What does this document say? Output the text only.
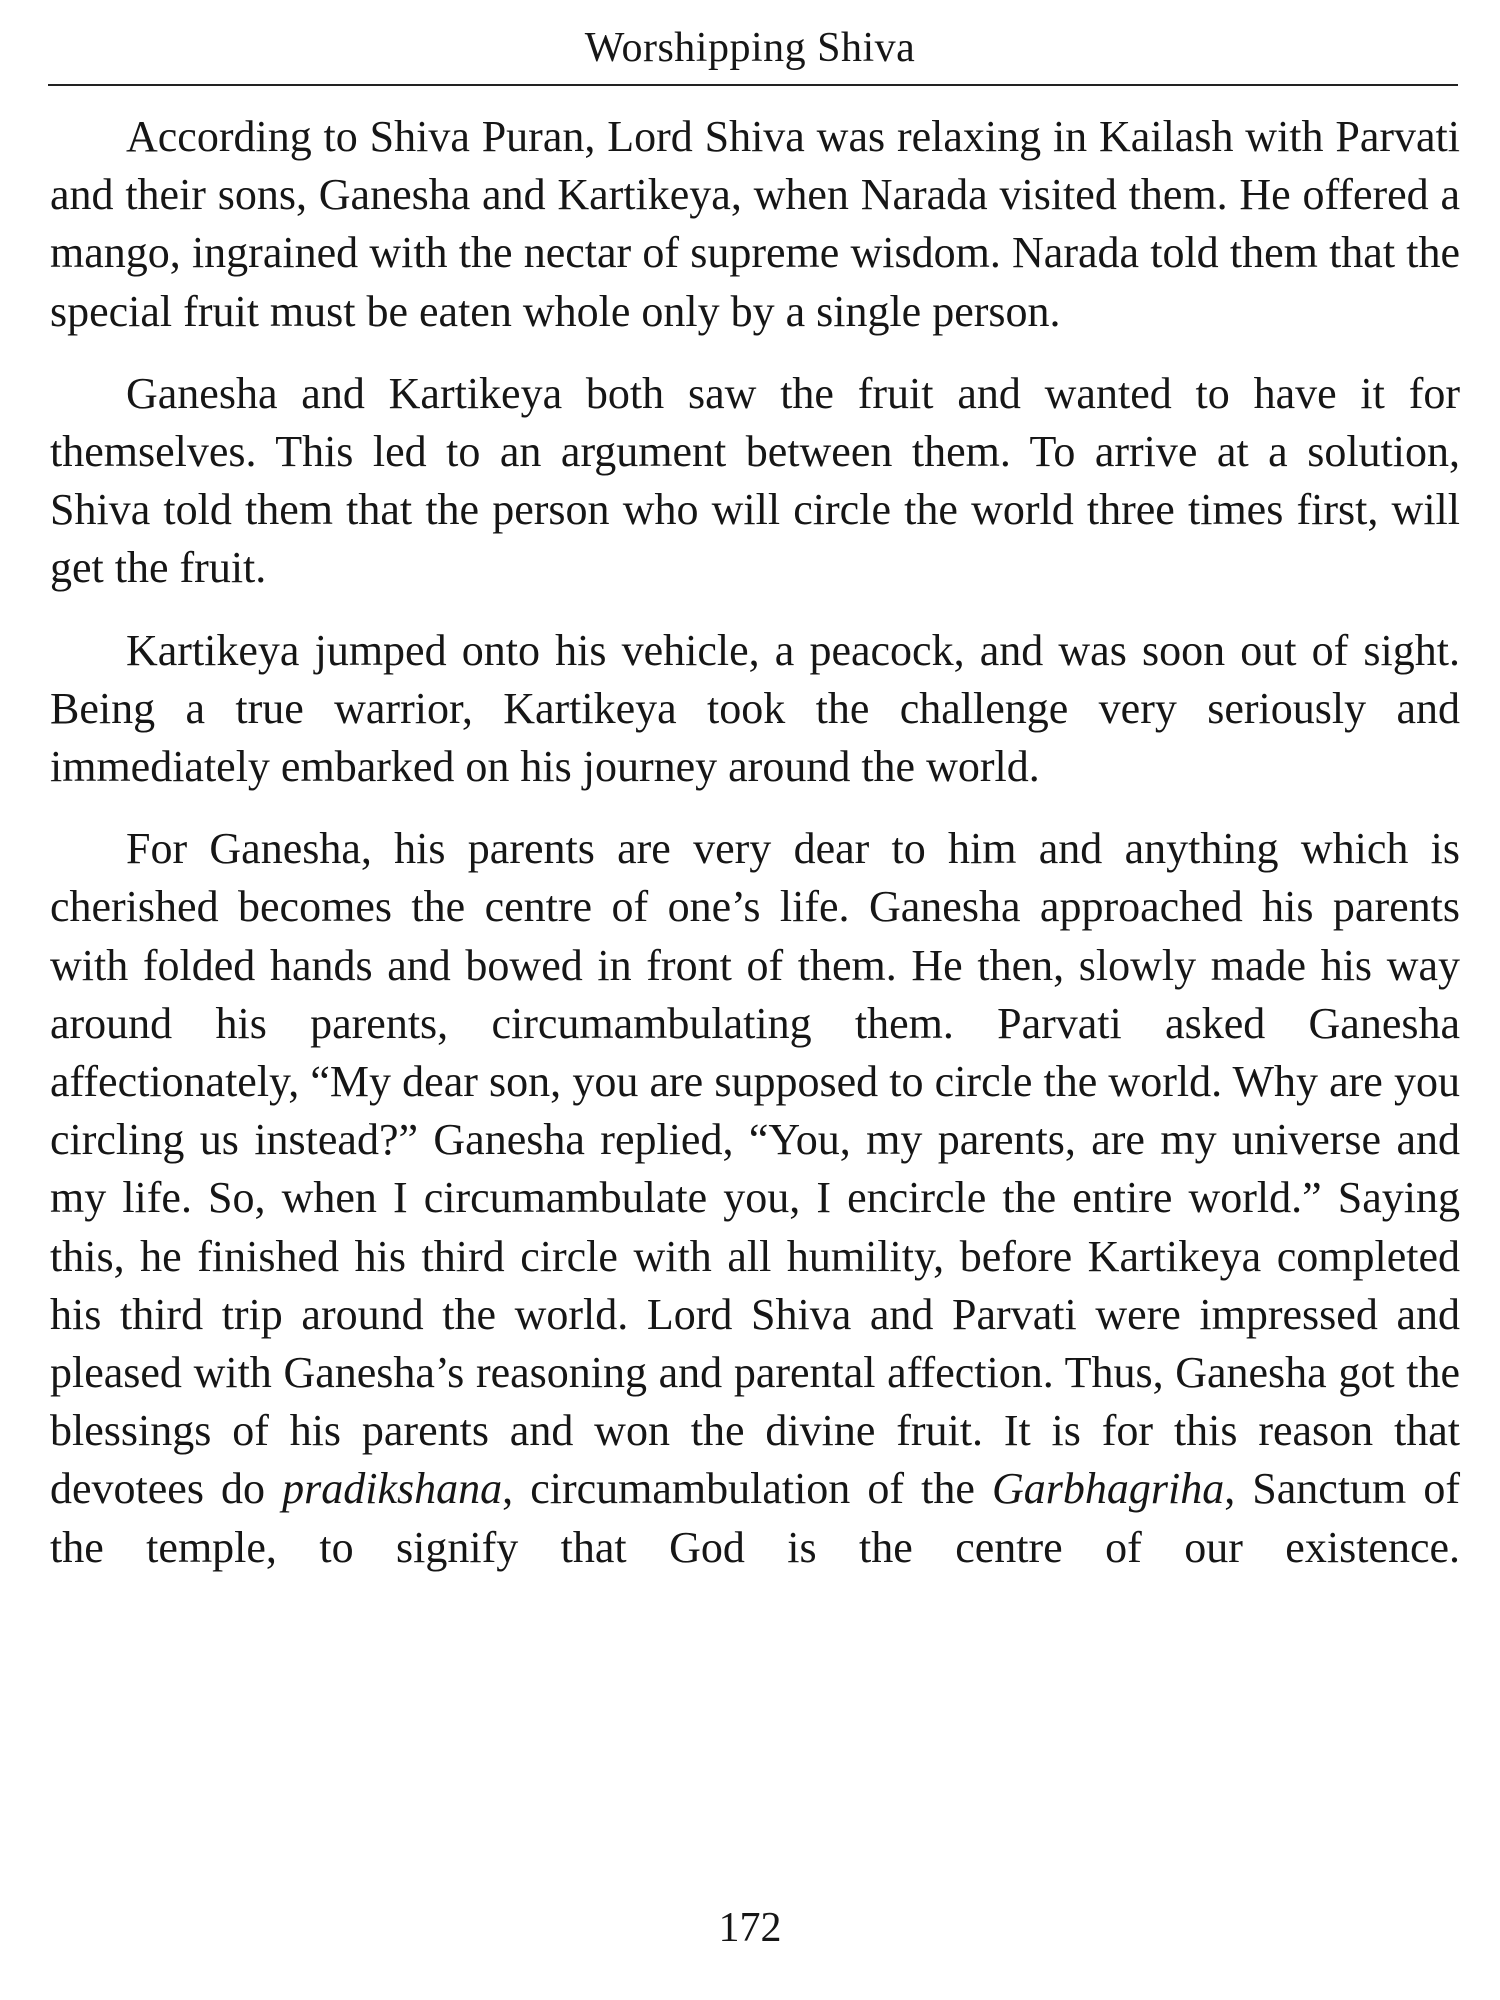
Worshipping Shiva

According to Shiva Puran, Lord Shiva was relaxing in Kailash with Parvati and their sons, Ganesha and Kartikeya, when Narada visited them. He offered a mango, ingrained with the nectar of supreme wisdom. Narada told them that the special fruit must be eaten whole only by a single person.

Ganesha and Kartikeya both saw the fruit and wanted to have it for themselves. This led to an argument between them. To arrive at a solution, Shiva told them that the person who will circle the world three times first, will get the fruit.

Kartikeya jumped onto his vehicle, a peacock, and was soon out of sight. Being a true warrior, Kartikeya took the challenge very seriously and immediately embarked on his journey around the world.

For Ganesha, his parents are very dear to him and anything which is cherished becomes the centre of one’s life. Ganesha approached his parents with folded hands and bowed in front of them. He then, slowly made his way around his parents, circumambulating them. Parvati asked Ganesha affectionately, “My dear son, you are supposed to circle the world. Why are you circling us instead?” Ganesha replied, “You, my parents, are my universe and my life. So, when I circumambulate you, I encircle the entire world.” Saying this, he finished his third circle with all humility, before Kartikeya completed his third trip around the world. Lord Shiva and Parvati were impressed and pleased with Ganesha’s reasoning and parental affection. Thus, Ganesha got the blessings of his parents and won the divine fruit. It is for this reason that devotees do pradikshana, circumambulation of the Garbhagriha, Sanctum of the temple, to signify that God is the centre of our existence.

172
